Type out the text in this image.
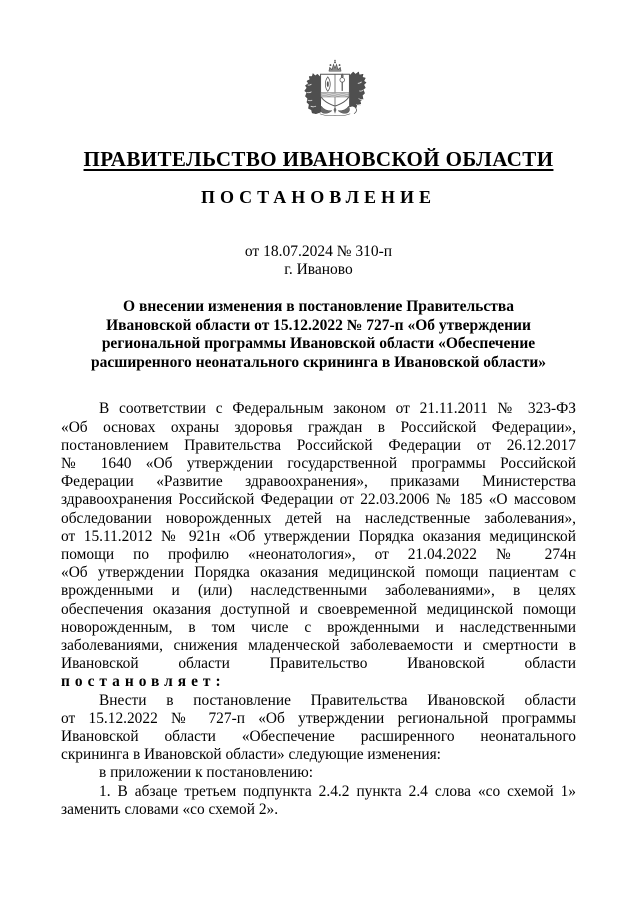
ПРАВИТЕЛЬСТВО ИВАНОВСКОЙ ОБЛАСТИ
ПОСТАНОВЛЕНИЕ
от 18.07.2024 № 310-п
г. Иваново
О внесении изменения в постановление Правительства
Ивановской области от 15.12.2022 № 727-п «Об утверждении
региональной программы Ивановской области «Обеспечение
расширенного неонатального скрининга в Ивановской области»
В соответствии с Федеральным законом от 21.11.2011 № 323-ФЗ
«Об основах охраны здоровья граждан в Российской Федерации»,
постановлением Правительства Российской Федерации от 26.12.2017
№ 1640 «Об утверждении государственной программы Российской
Федерации «Развитие здравоохранения», приказами Министерства
здравоохранения Российской Федерации от 22.03.2006 № 185 «О массовом
обследовании новорожденных детей на наследственные заболевания»,
от 15.11.2012 № 921н «Об утверждении Порядка оказания медицинской
помощи по профилю «неонатология», от 21.04.2022 № 274н
«Об утверждении Порядка оказания медицинской помощи пациентам с
врожденными и (или) наследственными заболеваниями», в целях
обеспечения оказания доступной и своевременной медицинской помощи
новорожденным, в том числе с врожденными и наследственными
заболеваниями, снижения младенческой заболеваемости и смертности в
Ивановской области Правительство Ивановской области
постановляет:
Внести в постановление Правительства Ивановской области
от 15.12.2022 № 727-п «Об утверждении региональной программы
Ивановской области «Обеспечение расширенного неонатального
скрининга в Ивановской области» следующие изменения:
в приложении к постановлению:
1. В абзаце третьем подпункта 2.4.2 пункта 2.4 слова «со схемой 1»
заменить словами «со схемой 2».
